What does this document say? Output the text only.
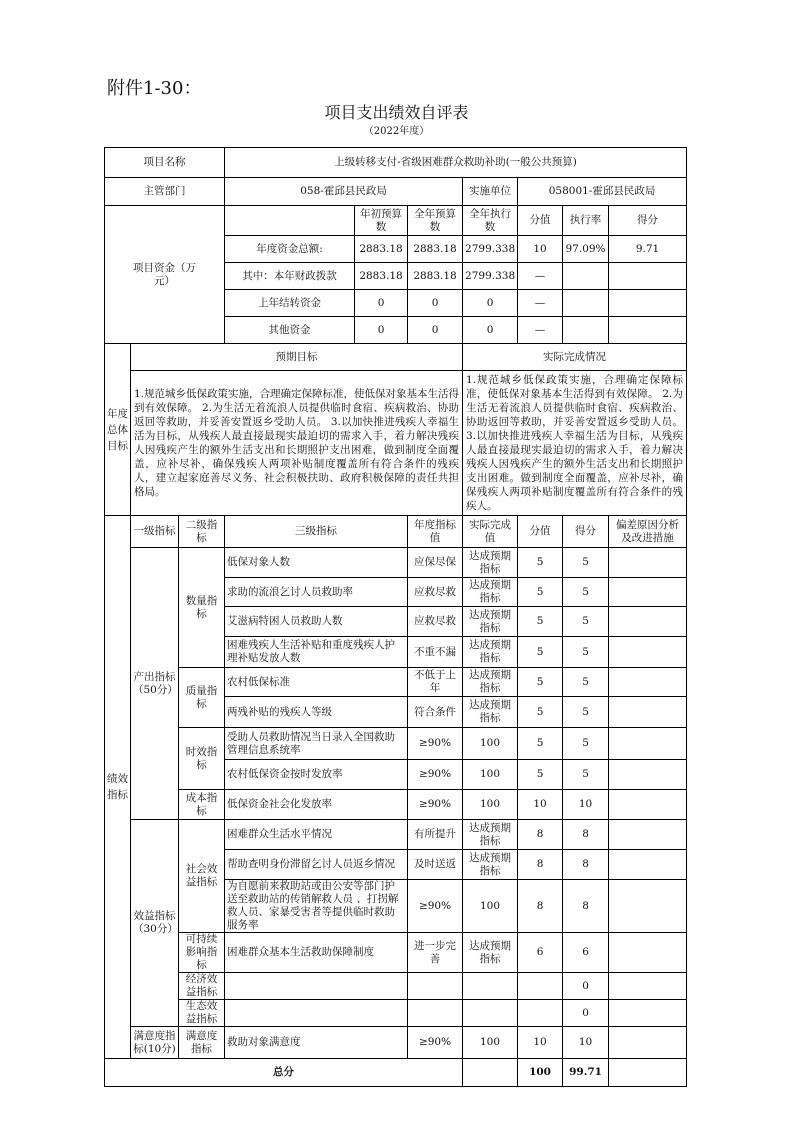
附件1-30：
项目支出绩效自评表
（2022年度）
项目名称			上级转移支付-省级困难群众救助补助(一般公共预算)						
主管部门			058-霍邱县民政局			实施单位	058001-霍邱县民政局		
项目资金（万元）				年初预算数	全年预算数	全年执行数	分值	执行率	得分
			年度资金总额:	2883.18	2883.18	2799.338	10	97.09%	9.71
			其中：本年财政拨款	2883.18	2883.18	2799.338	—		
			上年结转资金	0	0	0	—		
			其他资金	0	0	0	—		
年度总体目标	预期目标					实际完成情况			
	1.规范城乡低保政策实施，合理确定保障标准，使低保对象基本生活得到有效保障。 2.为生活无着流浪人员提供临时食宿、疾病救治、协助返回等救助，并妥善安置返乡受助人员。 3.以加快推进残疾人幸福生活为目标，从残疾人最直接最现实最迫切的需求入手，着力解决残疾人因残疾产生的额外生活支出和长期照护支出困难，做到制度全面覆盖，应补尽补，确保残疾人两项补贴制度覆盖所有符合条件的残疾人，建立起家庭善尽义务、社会积极扶助、政府积极保障的责任共担格局。					1.规范城乡低保政策实施，合理确定保障标准，使低保对象基本生活得到有效保障。 2.为生活无着流浪人员提供临时食宿、疾病救治、协助返回等救助，并妥善安置返乡受助人员。 3.以加快推进残疾人幸福生活为目标，从残疾人最直接最现实最迫切的需求入手，着力解决残疾人因残疾产生的额外生活支出和长期照护支出困难。做到制度全面覆盖，应补尽补，确保残疾人两项补贴制度覆盖所有符合条件的残疾人。			
绩效指标	一级指标	二级指标	三级指标		年度指标值	实际完成值	分值	得分	偏差原因分析及改进措施
	产出指标（50分）	数量指标	低保对象人数		应保尽保	达成预期指标	5	5	
			求助的流浪乞讨人员救助率		应救尽救	达成预期指标	5	5	
			艾滋病特困人员救助人数		应救尽救	达成预期指标	5	5	
			困难残疾人生活补贴和重度残疾人护理补贴发放人数		不重不漏	达成预期指标	5	5	
		质量指标	农村低保标准		不低于上年	达成预期指标	5	5	
			两残补贴的残疾人等级		符合条件	达成预期指标	5	5	
		时效指标	受助人员救助情况当日录入全国救助管理信息系统率		≥90%	100	5	5	
			农村低保资金按时发放率		≥90%	100	5	5	
		成本指标	低保资金社会化发放率		≥90%	100	10	10	
	效益指标（30分）	社会效益指标	困难群众生活水平情况		有所提升	达成预期指标	8	8	
			帮助查明身份滞留乞讨人员返乡情况		及时送返	达成预期指标	8	8	
			为自愿前来救助站或由公安等部门护送至救助站的传销解救人员 、打拐解救人员、家暴受害者等提供临时救助服务率		≥90%	100	8	8	
		可持续影响指标	困难群众基本生活救助保障制度		进一步完善	达成预期指标	6	6	
		经济效益指标						0	
		生态效益指标						0	
	满意度指标(10分)	满意度指标	救助对象满意度		≥90%	100	10	10	
总分							100	99.71	
